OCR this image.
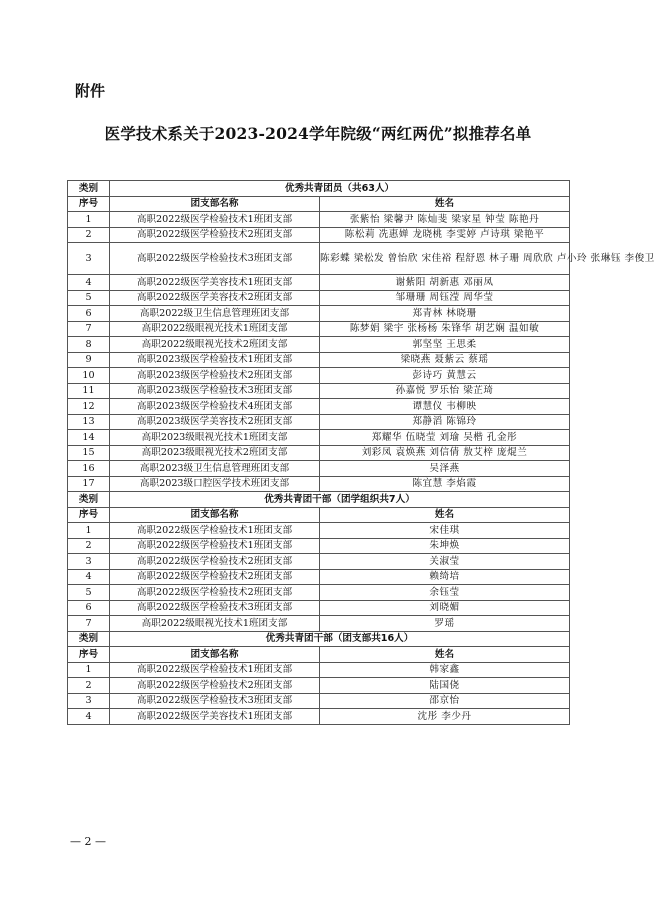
附件
医学技术系关于2023-2024学年院级“两红两优”拟推荐名单
类别	优秀共青团员（共63人）	
序号	团支部名称	姓名
1	高职2022级医学检验技术1班团支部	张紫怡 梁馨尹 陈灿斐 梁家星 钟莹 陈艳丹
2	高职2022级医学检验技术2班团支部	陈松莉 冼惠婵 龙晓桃 李雯婷 卢诗琪 梁艳平
3	高职2022级医学检验技术3班团支部	陈彩蝶 梁松发 曾怡欣 宋佳裕 程舒恩 林子珊 周欣欣 卢小玲 张琳钰 李俊卫
4	高职2022级医学美容技术1班团支部	谢紫阳 胡新惠 邓丽凤
5	高职2022级医学美容技术2班团支部	邹珊珊 周钰滢 周华莹
6	高职2022级卫生信息管理班团支部	郑青林 林晓珊
7	高职2022级眼视光技术1班团支部	陈梦娟 梁宇 张杨杨 朱锋华 胡艺娴 温如敏
8	高职2022级眼视光技术2班团支部	郭坚坚 王思柔
9	高职2023级医学检验技术1班团支部	梁晓燕 聂紫云 蔡瑶
10	高职2023级医学检验技术2班团支部	彭诗巧 黄慧云
11	高职2023级医学检验技术3班团支部	孙嘉悦 罗乐怡 梁芷琦
12	高职2023级医学检验技术4班团支部	谭慧仪 韦柳映
13	高职2023级医学美容技术2班团支部	郑静滔 陈锦玲
14	高职2023级眼视光技术1班团支部	郑耀华 伍晓莹 刘瑜 吴楷 孔金彤
15	高职2023级眼视光技术2班团支部	刘彩凤 袁焕燕 刘信倩 敖艾梓 庞焜兰
16	高职2023级卫生信息管理班团支部	吴泽燕
17	高职2023级口腔医学技术班团支部	陈宜慧 李焰霞
类别	优秀共青团干部（团学组织共7人）	
序号	团支部名称	姓名
1	高职2022级医学检验技术1班团支部	宋佳琪
2	高职2022级医学检验技术1班团支部	朱坤焕
3	高职2022级医学检验技术2班团支部	关淑莹
4	高职2022级医学检验技术2班团支部	赖绮培
5	高职2022级医学检验技术2班团支部	余钰莹
6	高职2022级医学检验技术3班团支部	刘晓媚
7	高职2022级眼视光技术1班团支部	罗瑶
类别	优秀共青团干部（团支部共16人）	
序号	团支部名称	姓名
1	高职2022级医学检验技术1班团支部	韩家鑫
2	高职2022级医学检验技术2班团支部	陆国侥
3	高职2022级医学检验技术3班团支部	邵京怡
4	高职2022级医学美容技术1班团支部	沈彤 李少丹
— 2 —
